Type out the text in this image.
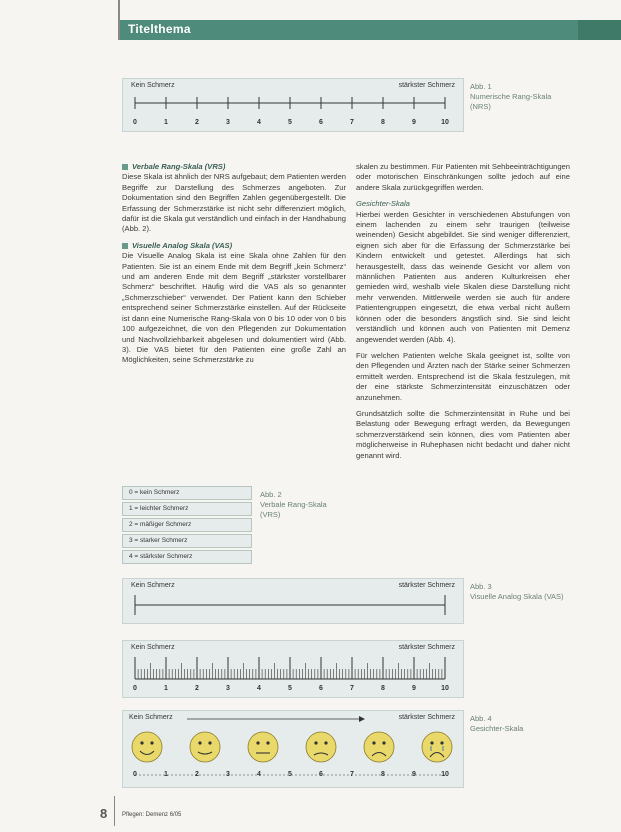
Titelthema
Kein Schmerz	stärkster Schmerz
0	1	2	3	4	5	6	7	8	9	10
Abb. 1
Numerische Rang-Skala (NRS)
Verbale Rang-Skala (VRS)

Diese Skala ist ähnlich der NRS aufgebaut; dem Patienten werden Begriffe zur Darstellung des Schmerzes angeboten. Zur Dokumentation sind den Begriffen Zahlen gegenübergestellt. Die Erfassung der Schmerzstärke ist nicht sehr differenziert möglich, dafür ist die Skala gut verständlich und einfach in der Handhabung (Abb. 2).

Visuelle Analog Skala (VAS)

Die Visuelle Analog Skala ist eine Skala ohne Zahlen für den Patienten. Sie ist an einem Ende mit dem Begriff „kein Schmerz“ und am anderen Ende mit dem Begriff „stärkster vorstellbarer Schmerz“ beschriftet. Häufig wird die VAS als so genannter „Schmerzschieber“ verwendet. Der Patient kann den Schieber entsprechend seiner Schmerzstärke einstellen. Auf der Rückseite ist dann eine Numerische Rang-Skala von 0 bis 10 oder von 0 bis 100 aufgezeichnet, die von den Pflegenden zur Dokumentation und Nachvollziehbarkeit abgelesen und dokumentiert wird (Abb. 3). Die VAS bietet für den Patienten eine große Zahl an Möglichkeiten, seine Schmerzstärke zu

skalen zu bestimmen. Für Patienten mit Sehbeeinträchtigungen oder motorischen Einschränkungen sollte jedoch auf eine andere Skala zurückgegriffen werden.

Gesichter-Skala

Hierbei werden Gesichter in verschiedenen Abstufungen von einem lachenden zu einem sehr traurigen (teilweise weinenden) Gesicht abgebildet. Sie sind weniger differenziert, eignen sich aber für die Erfassung der Schmerzstärke bei Kindern entwickelt und getestet. Allerdings hat sich herausgestellt, dass das weinende Gesicht vor allem von männlichen Patienten aus anderen Kulturkreisen eher gemieden wird, weshalb viele Skalen diese Darstellung nicht mehr verwenden. Mittlerweile werden sie auch für andere Patientengruppen eingesetzt, die etwa verbal nicht äußern können oder die besonders ängstlich sind. Sie sind leicht verständlich und können auch von Patienten mit Demenz angewendet werden (Abb. 4).

Für welchen Patienten welche Skala geeignet ist, sollte von den Pflegenden und Ärzten nach der Stärke seiner Schmerzen ermittelt werden. Entsprechend ist die Skala festzulegen, mit der eine stärkste Schmerzintensität einzuschätzen oder anzunehmen.

Grundsätzlich sollte die Schmerzintensität in Ruhe und bei Belastung oder Bewegung erfragt werden, da Bewegungen schmerzverstärkend sein können, dies vom Patienten aber möglicherweise in Ruhephasen nicht bedacht und daher nicht genannt wird.

0 = kein Schmerz
1 = leichter Schmerz
2 = mäßiger Schmerz
3 = starker Schmerz
4 = stärkster Schmerz
Abb. 2
Verbale Rang-Skala (VRS)
Kein Schmerz	stärkster Schmerz
Kein Schmerz	stärkster Schmerz
0	1	2	3	4	5	6	7	8	9	10
Abb. 3
Visuelle Analog Skala (VAS)
Kein Schmerz	stärkster Schmerz
0	1	2	3	4	5	6	7	8	9	10
Abb. 4
Gesichter-Skala
8 Pflegen: Demenz 6/05
